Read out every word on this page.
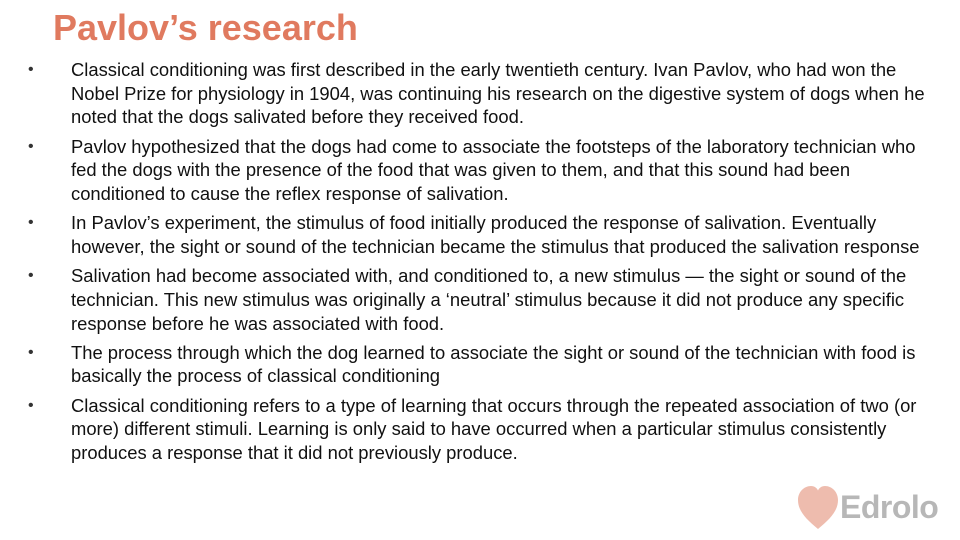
Pavlov’s research
•	Classical conditioning was first described in the early twentieth century. Ivan Pavlov, who had won the Nobel Prize for physiology in 1904, was continuing his research on the digestive system of dogs when he noted that the dogs salivated before they received food.
•	Pavlov hypothesized that the dogs had come to associate the footsteps of the laboratory technician who fed the dogs with the presence of the food that was given to them, and that this sound had been conditioned to cause the reflex response of salivation.
•	In Pavlov’s experiment, the stimulus of food initially produced the response of salivation. Eventually however, the sight or sound of the technician became the stimulus that produced the salivation response
•	Salivation had become associated with, and conditioned to, a new stimulus — the sight or sound of the technician. This new stimulus was originally a ‘neutral’ stimulus because it did not produce any specific response before he was associated with food.
•	The process through which the dog learned to associate the sight or sound of the technician with food is basically the process of classical conditioning
•	Classical conditioning refers to a type of learning that occurs through the repeated association of two (or more) different stimuli. Learning is only said to have occurred when a particular stimulus consistently produces a response that it did not previously produce.
Edrolo
